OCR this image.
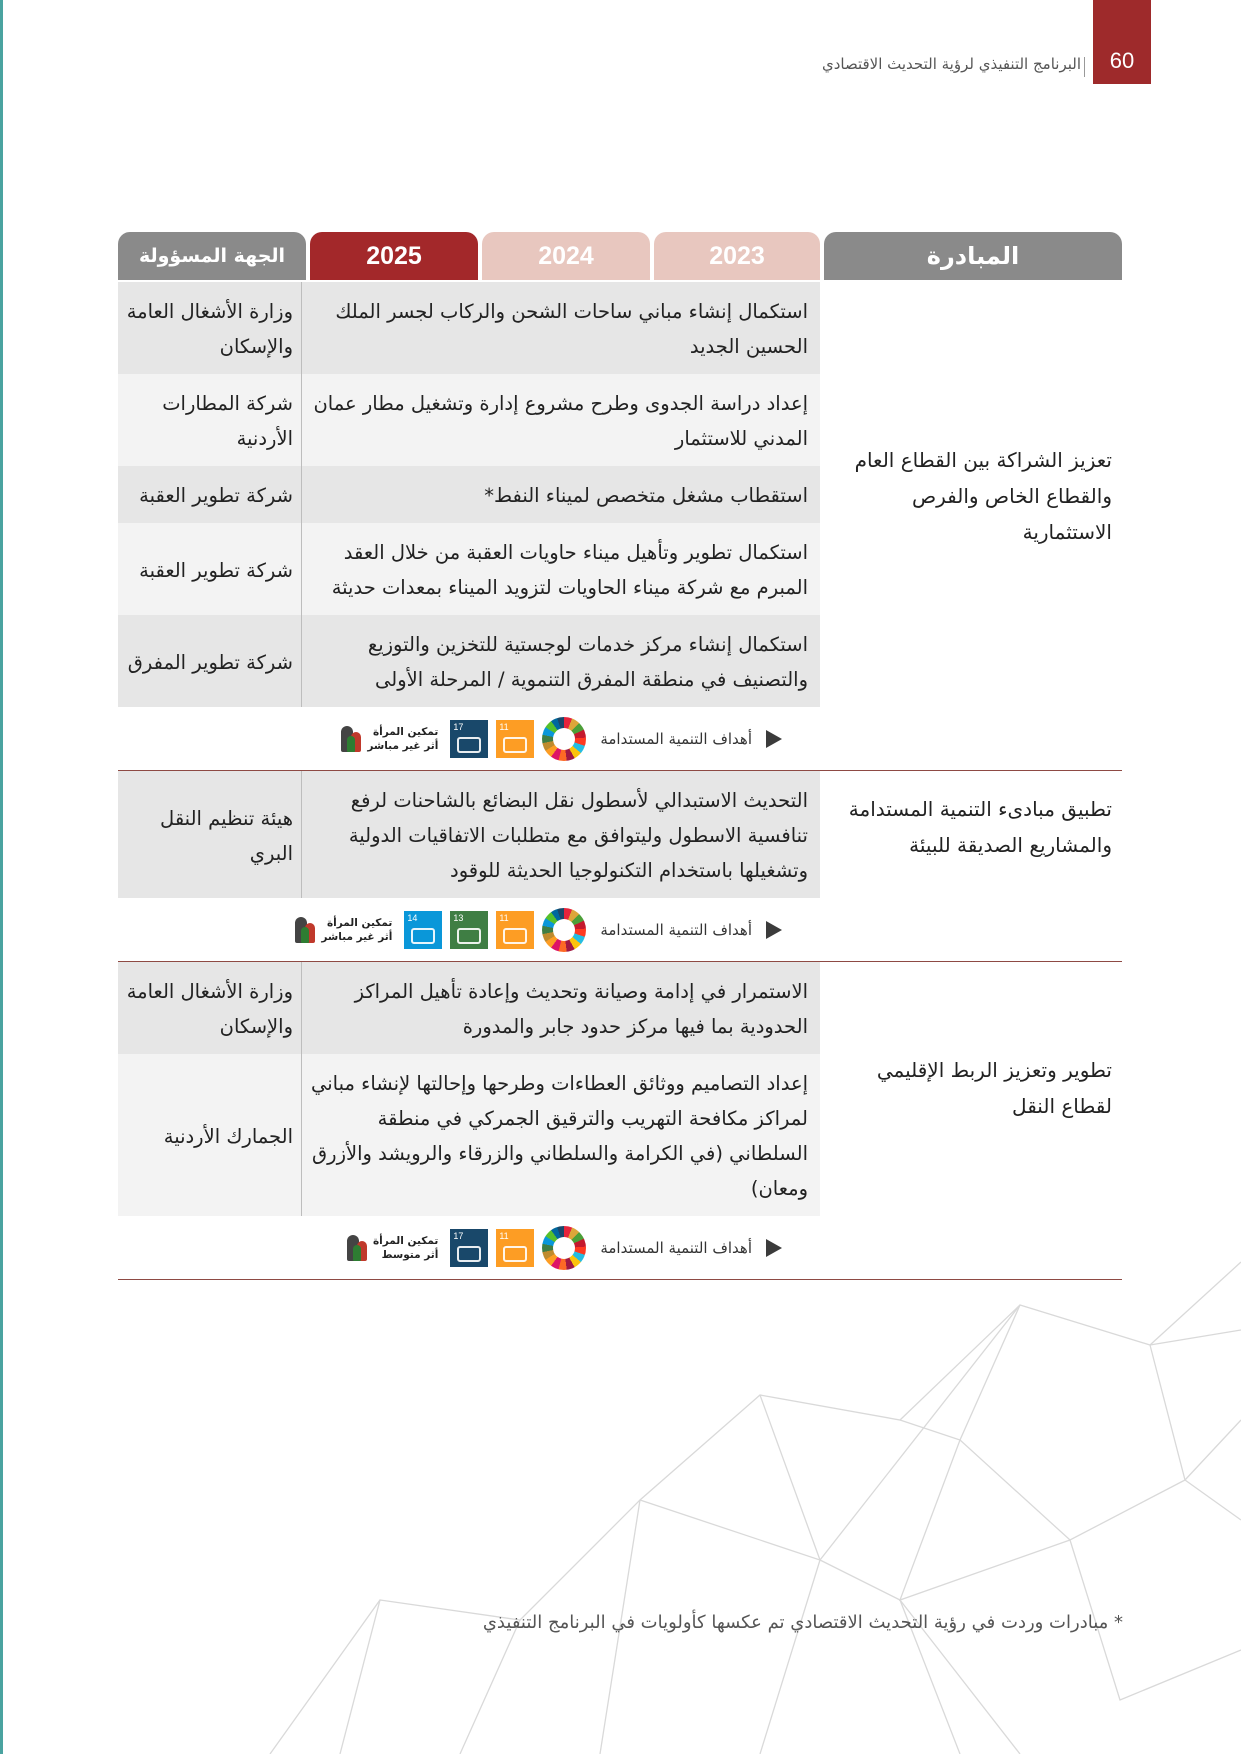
60
البرنامج التنفيذي لرؤية التحديث الاقتصادي
المبادرة
2023
2024
2025
الجهة المسؤولة
تعزيز الشراكة بين القطاع العام والقطاع الخاص والفرص الاستثمارية
استكمال إنشاء مباني ساحات الشحن والركاب لجسر الملك الحسين الجديد
وزارة الأشغال العامة والإسكان
إعداد دراسة الجدوى وطرح مشروع إدارة وتشغيل مطار عمان المدني للاستثمار
شركة المطارات الأردنية
استقطاب مشغل متخصص لميناء النفط*
شركة تطوير العقبة
استكمال تطوير وتأهيل ميناء حاويات العقبة من خلال العقد المبرم مع شركة ميناء الحاويات لتزويد الميناء بمعدات حديثة
شركة تطوير العقبة
استكمال إنشاء مركز خدمات لوجستية للتخزين والتوزيع والتصنيف في منطقة المفرق التنموية / المرحلة الأولى
شركة تطوير المفرق
أهداف التنمية المستدامة
11
17
تمكين المرأة
أثر غير مباشر
تطبيق مبادىء التنمية المستدامة والمشاريع الصديقة للبيئة
التحديث الاستبدالي لأسطول نقل البضائع بالشاحنات لرفع تنافسية الاسطول وليتوافق مع متطلبات الاتفاقيات الدولية وتشغيلها باستخدام التكنولوجيا الحديثة للوقود
هيئة تنظيم النقل البري
أهداف التنمية المستدامة
11
13
14
تمكين المرأة
أثر غير مباشر
تطوير وتعزيز الربط الإقليمي لقطاع النقل
الاستمرار في إدامة وصيانة وتحديث وإعادة تأهيل المراكز الحدودية بما فيها مركز حدود جابر والمدورة
وزارة الأشغال العامة والإسكان
إعداد التصاميم ووثائق العطاءات وطرحها وإحالتها لإنشاء مباني لمراكز مكافحة التهريب والترقيق الجمركي في منطقة السلطاني (في الكرامة والسلطاني والزرقاء والرويشد والأزرق ومعان)
الجمارك الأردنية
أهداف التنمية المستدامة
11
17
تمكين المرأة
أثر متوسط
* مبادرات وردت في رؤية التحديث الاقتصادي تم عكسها كأولويات في البرنامج التنفيذي
